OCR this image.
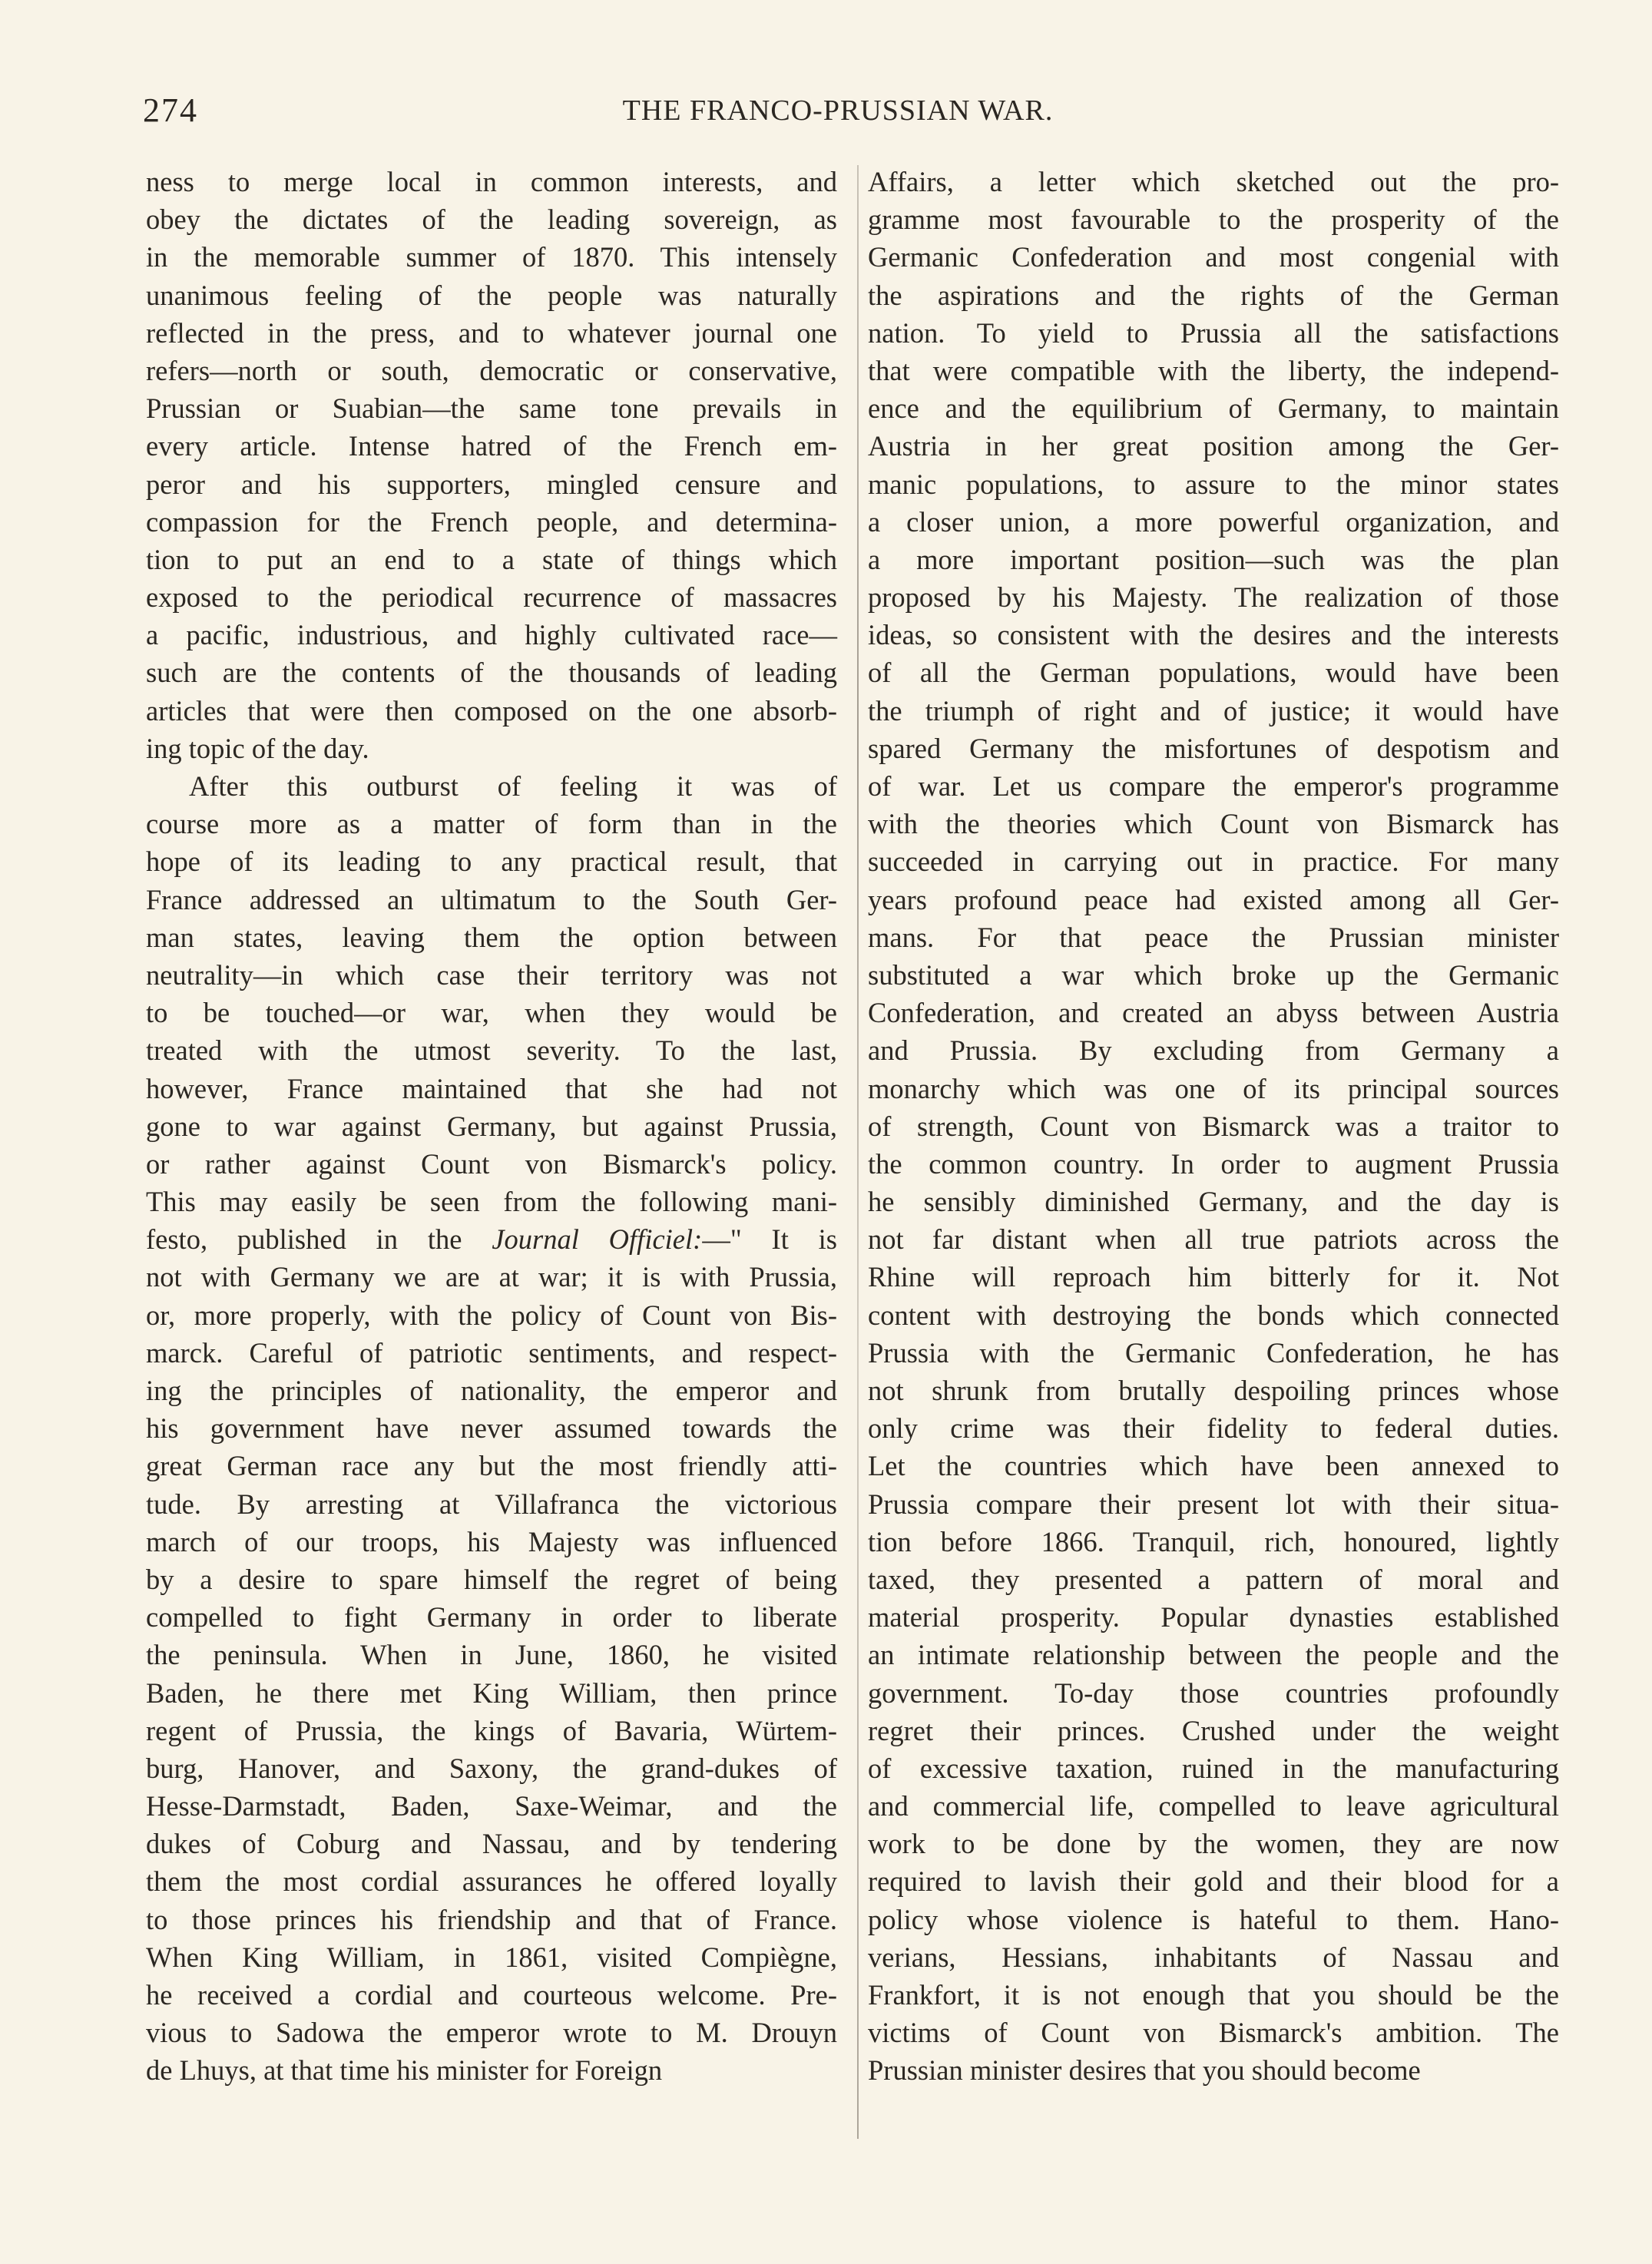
274	THE FRANCO-PRUSSIAN WAR.
ness to merge local in common interests, and
obey the dictates of the leading sovereign, as
in the memorable summer of 1870. This intensely
unanimous feeling of the people was naturally
reflected in the press, and to whatever journal one
refers—north or south, democratic or conservative,
Prussian or Suabian—the same tone prevails in
every article. Intense hatred of the French em-
peror and his supporters, mingled censure and
compassion for the French people, and determina-
tion to put an end to a state of things which
exposed to the periodical recurrence of massacres
a pacific, industrious, and highly cultivated race—
such are the contents of the thousands of leading
articles that were then composed on the one absorb-
ing topic of the day.
After this outburst of feeling it was of
course more as a matter of form than in the
hope of its leading to any practical result, that
France addressed an ultimatum to the South Ger-
man states, leaving them the option between
neutrality—in which case their territory was not
to be touched—or war, when they would be
treated with the utmost severity. To the last,
however, France maintained that she had not
gone to war against Germany, but against Prussia,
or rather against Count von Bismarck's policy.
This may easily be seen from the following mani-
festo, published in the Journal Officiel:—" It is
not with Germany we are at war; it is with Prussia,
or, more properly, with the policy of Count von Bis-
marck. Careful of patriotic sentiments, and respect-
ing the principles of nationality, the emperor and
his government have never assumed towards the
great German race any but the most friendly atti-
tude. By arresting at Villafranca the victorious
march of our troops, his Majesty was influenced
by a desire to spare himself the regret of being
compelled to fight Germany in order to liberate
the peninsula. When in June, 1860, he visited
Baden, he there met King William, then prince
regent of Prussia, the kings of Bavaria, Würtem-
burg, Hanover, and Saxony, the grand-dukes of
Hesse-Darmstadt, Baden, Saxe-Weimar, and the
dukes of Coburg and Nassau, and by tendering
them the most cordial assurances he offered loyally
to those princes his friendship and that of France.
When King William, in 1861, visited Compiègne,
he received a cordial and courteous welcome. Pre-
vious to Sadowa the emperor wrote to M. Drouyn
de Lhuys, at that time his minister for Foreign
Affairs, a letter which sketched out the pro-
gramme most favourable to the prosperity of the
Germanic Confederation and most congenial with
the aspirations and the rights of the German
nation. To yield to Prussia all the satisfactions
that were compatible with the liberty, the independ-
ence and the equilibrium of Germany, to maintain
Austria in her great position among the Ger-
manic populations, to assure to the minor states
a closer union, a more powerful organization, and
a more important position—such was the plan
proposed by his Majesty. The realization of those
ideas, so consistent with the desires and the interests
of all the German populations, would have been
the triumph of right and of justice; it would have
spared Germany the misfortunes of despotism and
of war. Let us compare the emperor's programme
with the theories which Count von Bismarck has
succeeded in carrying out in practice. For many
years profound peace had existed among all Ger-
mans. For that peace the Prussian minister
substituted a war which broke up the Germanic
Confederation, and created an abyss between Austria
and Prussia. By excluding from Germany a
monarchy which was one of its principal sources
of strength, Count von Bismarck was a traitor to
the common country. In order to augment Prussia
he sensibly diminished Germany, and the day is
not far distant when all true patriots across the
Rhine will reproach him bitterly for it. Not
content with destroying the bonds which connected
Prussia with the Germanic Confederation, he has
not shrunk from brutally despoiling princes whose
only crime was their fidelity to federal duties.
Let the countries which have been annexed to
Prussia compare their present lot with their situa-
tion before 1866. Tranquil, rich, honoured, lightly
taxed, they presented a pattern of moral and
material prosperity. Popular dynasties established
an intimate relationship between the people and the
government. To-day those countries profoundly
regret their princes. Crushed under the weight
of excessive taxation, ruined in the manufacturing
and commercial life, compelled to leave agricultural
work to be done by the women, they are now
required to lavish their gold and their blood for a
policy whose violence is hateful to them. Hano-
verians, Hessians, inhabitants of Nassau and
Frankfort, it is not enough that you should be the
victims of Count von Bismarck's ambition. The
Prussian minister desires that you should become
